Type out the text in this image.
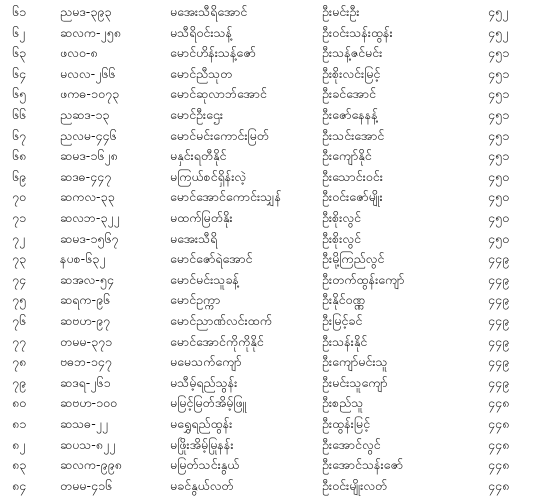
၆၁	ညမဒ-၃၉၃	မအေးသီရိအောင်	ဦးမင်းဦး	၄၅၂
၆၂	ဆလက-၂၅၈	မသီရိဝင်းသန့်	ဦးဝင်းသန်းထွန်း	၄၅၂
၆၃	ဖလဝ-၈	မောင်ဟိန်းသန့်ဇော်	ဦးသန့်ဇင်မင်း	၄၅၁
၆၄	မလလ-၂၆၆	မောင်ညီသုတ	ဦးစိုးလင်းမြင့်	၄၅၁
၆၅	ဖကဓ-၁၀၇၃	မောင်ဆုလာဘ်အောင်	ဦးခင်အောင်	၄၅၁
၆၆	ညဆဒ-၁၃	မောင်ဦးဌေး	ဦးဇော်နေနန့်	၄၅၁
၆၇	ညလမ-၄၄၆	မောင်မင်းကောင်းမြတ်	ဦးသင်းအောင်	၄၅၁
၆၈	ဆမဒ-၁၆၂၈	မနှင်းရတီနိုင်	ဦးကျော်နိုင်	၄၅၁
၆၉	ဆဒဓ-၄၄၇	မကြယ်စင်ရှိန်းလဲ့	ဦးသောင်းဝင်း	၄၅၀
၇၀	ဆကလ-၃၃	မောင်အောင်ကောင်းသျှန်	ဦးဝင်းဇော်မျိုး	၄၅၀
၇၁	ဆလဘ-၃၂၂	မထက်မြတ်နိုး	ဦးစိုးလွင်	၄၅၀
၇၂	ဆမဒ-၁၅၆၇	မအေးသီရိ	ဦးစိုးလွင်	၄၅၀
၇၃	နပစ-၆၃၂	မောင်ဇော်ရဲအောင်	ဦးမို့ကြည်လွင်	၄၄၉
၇၄	ဆအလ-၅၄	မောင်မင်းသူခန့်	ဦးတက်ထွန်းကျော်	၄၄၉
၇၅	ဆရက-၉၆	မောင်ဥက္ကာ	ဦးနိုင်ဝဏ္ဏ	၄၄၉
၇၆	ဆဗဟ-၉၇	မောင်ညာဏ်လင်းထက်	ဦးမြင့်ခင်	၄၄၉
၇၇	တမမ-၃၇၁	မောင်အောင်ကိုကိုနိုင်	ဦးသန်းနိုင်	၄၄၉
၇၈	ဗဓဘ-၁၄၇	မမေသက်ကျော်	ဦးကျော်မင်းသူ	၄၄၉
၇၉	ဆဒရ-၂၆၁	မသီမ့်ရည်သွန်း	ဦးမင်းသူကျော်	၄၄၉
၈၀	ဆဗဟ-၁၀၀	မမြင့်မြတ်အိမ့်ဖြူ	ဦးစည်သူ	၄၄၈
၈၁	ဆသဓ-၂၂	မရွှေရည်ထွန်း	ဦးထွန်းမြင့်	၄၄၈
၈၂	ဆပသ-၈၂၂	မဖြိုးအိမ့်မြုနန်း	ဦးအောင်လွင်	၄၄၈
၈၃	ဆလက-၉၉၈	မမြတ်သင်းနွယ်	ဦးအောင်သန်းဇော်	၄၄၈
၈၄	တမမ-၄၁၆	မခင်နွယ်လတ်	ဦးဝင်းမျိုးလတ်	၄၄၈
